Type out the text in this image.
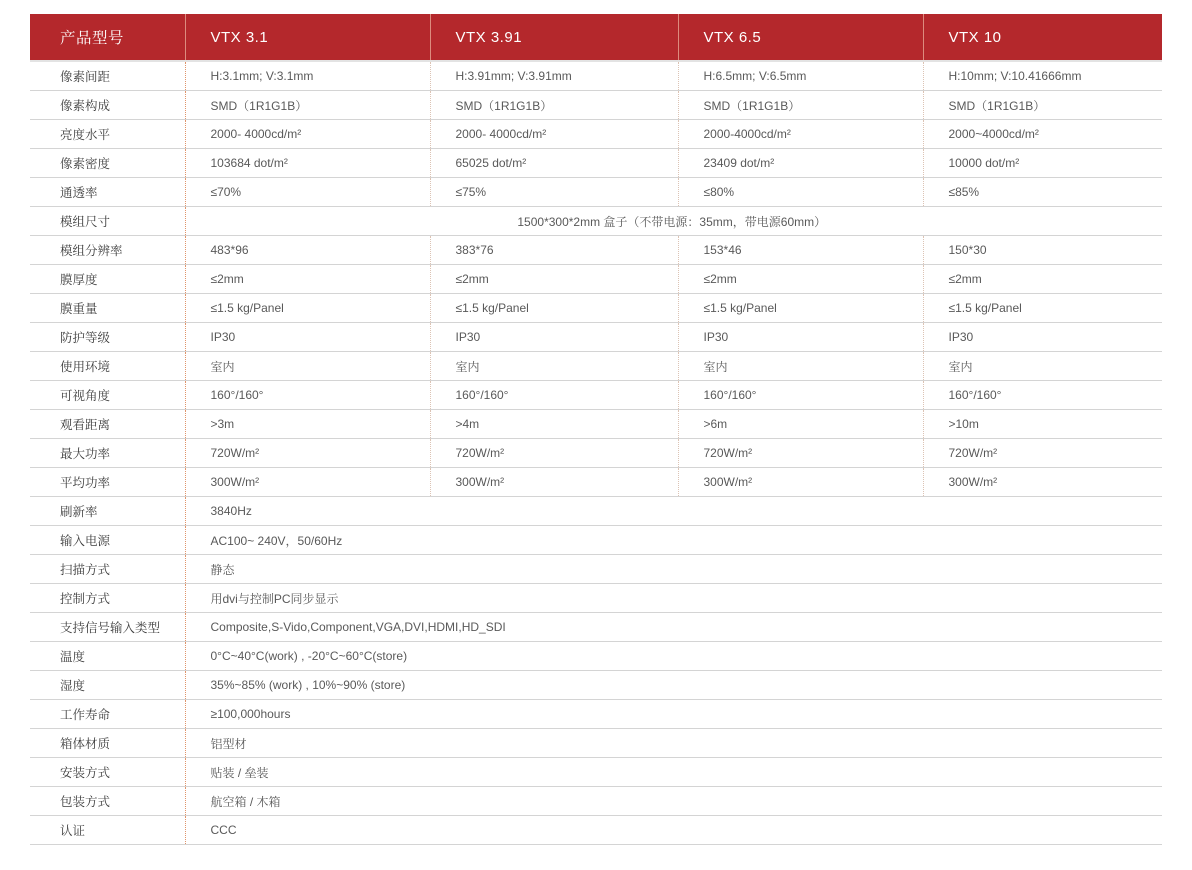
产品型号	VTX 3.1	VTX 3.91	VTX 6.5	VTX 10
像素间距	H:3.1mm; V:3.1mm	H:3.91mm; V:3.91mm	H:6.5mm; V:6.5mm	H:10mm; V:10.41666mm
像素构成	SMD（1R1G1B）	SMD（1R1G1B）	SMD（1R1G1B）	SMD（1R1G1B）
亮度水平	2000- 4000cd/m²	2000- 4000cd/m²	2000-4000cd/m²	2000~4000cd/m²
像素密度	103684 dot/m²	65025 dot/m²	23409 dot/m²	10000 dot/m²
通透率	≤70%	≤75%	≤80%	≤85%
模组尺寸	1500*300*2mm 盒子（不带电源：35mm，带电源60mm）			
模组分辨率	483*96	383*76	153*46	150*30
膜厚度	≤2mm	≤2mm	≤2mm	≤2mm
膜重量	≤1.5 kg/Panel	≤1.5 kg/Panel	≤1.5 kg/Panel	≤1.5 kg/Panel
防护等级	IP30	IP30	IP30	IP30
使用环境	室内	室内	室内	室内
可视角度	160°/160°	160°/160°	160°/160°	160°/160°
观看距离	>3m	>4m	>6m	>10m
最大功率	720W/m²	720W/m²	720W/m²	720W/m²
平均功率	300W/m²	300W/m²	300W/m²	300W/m²
刷新率	3840Hz			
输入电源	AC100~ 240V，50/60Hz			
扫描方式	静态			
控制方式	用dvi与控制PC同步显示			
支持信号输入类型	Composite,S-Vido,Component,VGA,DVI,HDMI,HD_SDI			
温度	0°C~40°C(work) , -20°C~60°C(store)			
湿度	35%~85% (work) , 10%~90% (store)			
工作寿命	≥100,000hours			
箱体材质	铝型材			
安装方式	贴装 / 垒装			
包装方式	航空箱 / 木箱			
认证	CCC			
